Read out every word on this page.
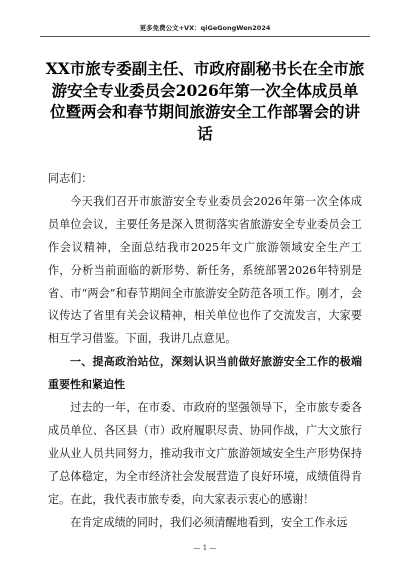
更多免费公文+VX：qiGeGongWen2024
XX市旅专委副主任、市政府副秘书长在全市旅游安全专业委员会2026年第一次全体成员单位暨两会和春节期间旅游安全工作部署会的讲话

同志们：

今天我们召开市旅游安全专业委员会2026年第一次全体成员单位会议，主要任务是深入贯彻落实省旅游安全专业委员会工作会议精神，全面总结我市2025年文广旅游领域安全生产工作，分析当前面临的新形势、新任务，系统部署2026年特别是省、市“两会”和春节期间全市旅游安全防范各项工作。刚才，会议传达了省里有关会议精神，相关单位也作了交流发言，大家要相互学习借鉴。下面，我讲几点意见。

一、提高政治站位，深刻认识当前做好旅游安全工作的极端重要性和紧迫性

过去的一年，在市委、市政府的坚强领导下，全市旅专委各成员单位、各区县（市）政府履职尽责、协同作战，广大文旅行业从业人员共同努力，推动我市文广旅游领域安全生产形势保持了总体稳定，为全市经济社会发展营造了良好环境，成绩值得肯定。在此，我代表市旅专委，向大家表示衷心的感谢！

在肯定成绩的同时，我们必须清醒地看到，安全工作永远

— 1 —
